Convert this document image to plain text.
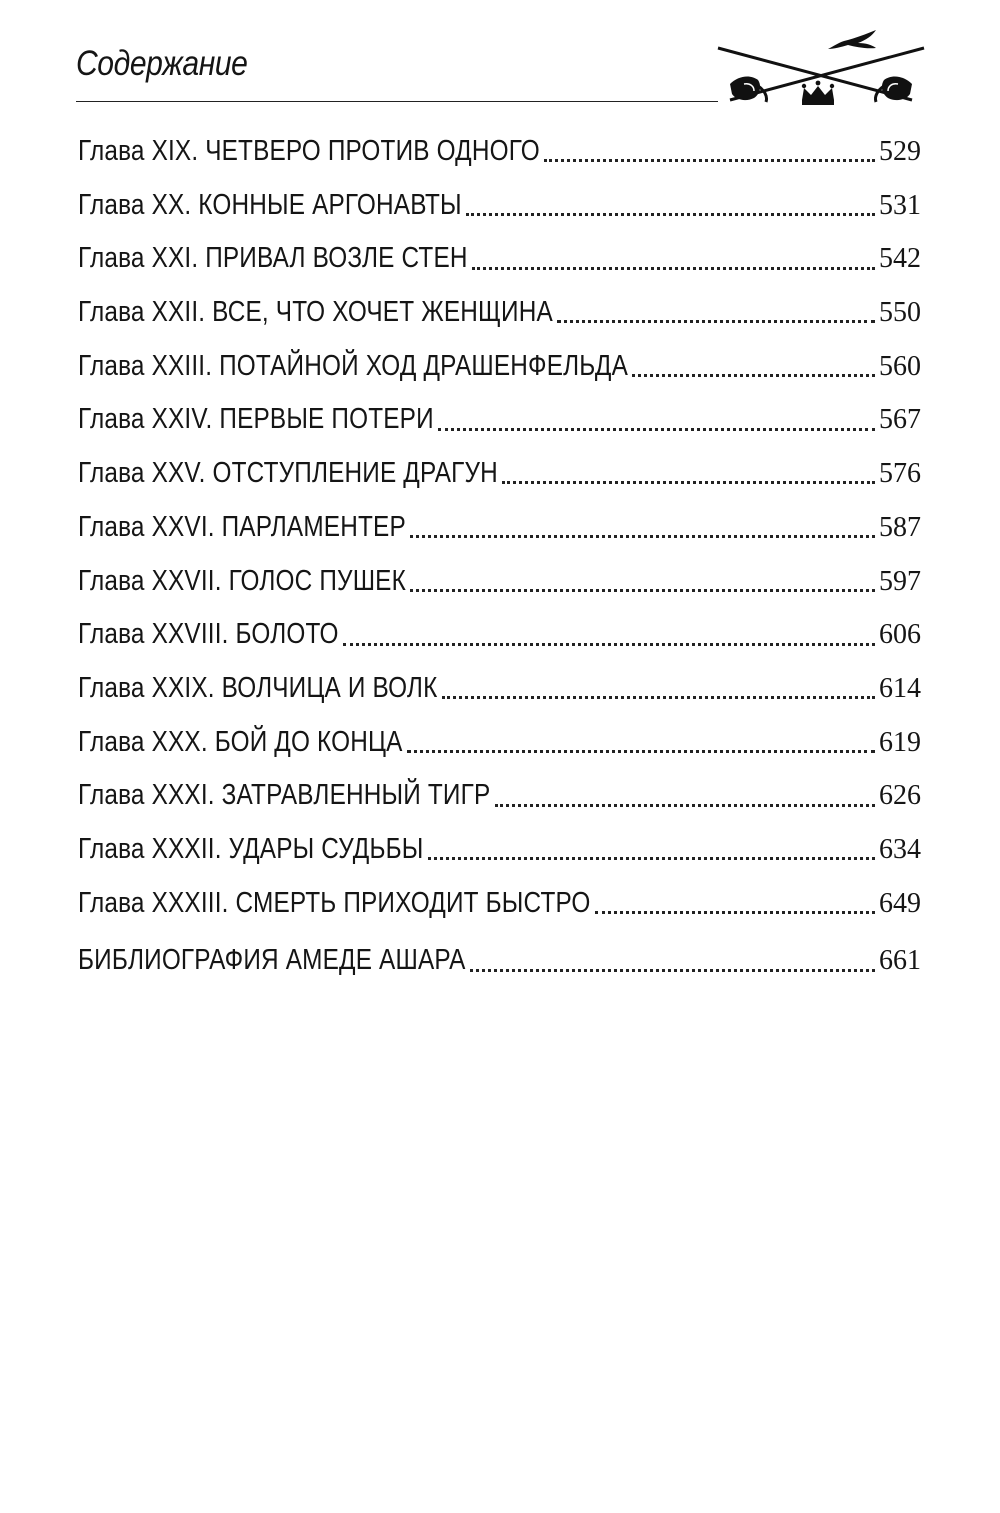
Содержание
Глава XIX. ЧЕТВЕРО ПРОТИВ ОДНОГО	529
Глава XX. КОННЫЕ АРГОНАВТЫ	531
Глава XXI. ПРИВАЛ ВОЗЛЕ СТЕН	542
Глава XXII. ВСЕ, ЧТО ХОЧЕТ ЖЕНЩИНА	550
Глава XXIII. ПОТАЙНОЙ ХОД ДРАШЕНФЕЛЬДА	560
Глава XXIV. ПЕРВЫЕ ПОТЕРИ	567
Глава XXV. ОТСТУПЛЕНИЕ ДРАГУН	576
Глава XXVI. ПАРЛАМЕНТЕР	587
Глава XXVII. ГОЛОС ПУШЕК	597
Глава XXVIII. БОЛОТО	606
Глава XXIX. ВОЛЧИЦА И ВОЛК	614
Глава XXX. БОЙ ДО КОНЦА	619
Глава XXXI. ЗАТРАВЛЕННЫЙ ТИГР	626
Глава XXXII. УДАРЫ СУДЬБЫ	634
Глава XXXIII. СМЕРТЬ ПРИХОДИТ БЫСТРО	649
БИБЛИОГРАФИЯ АМЕДЕ АШАРА	661
